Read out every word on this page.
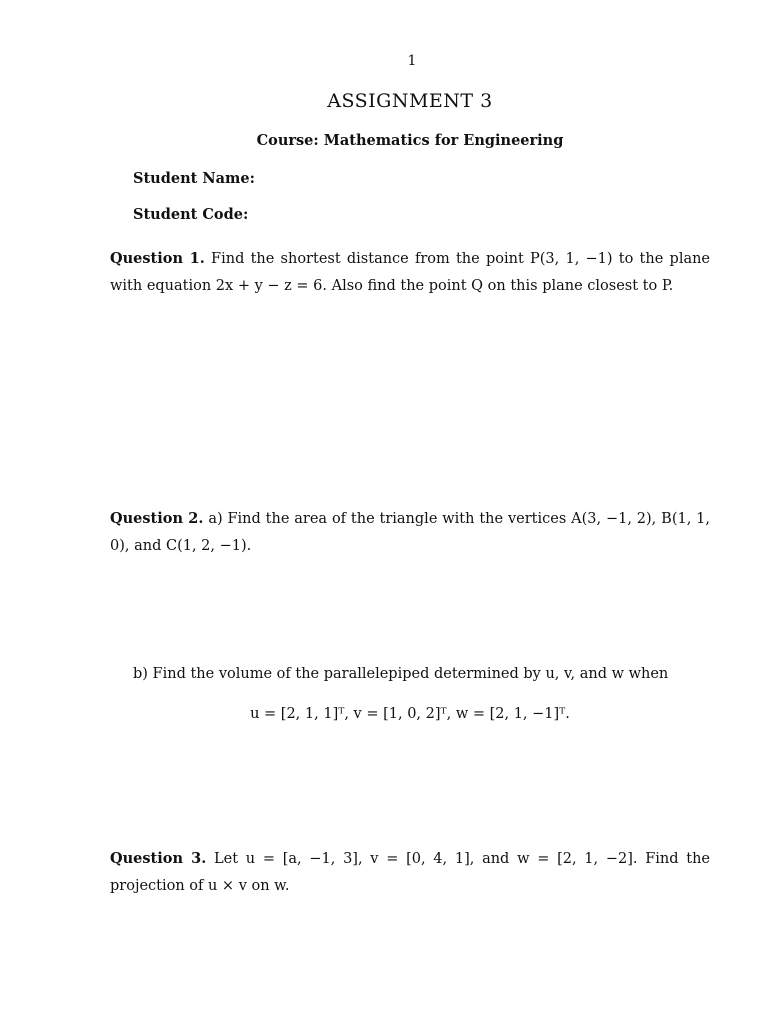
1
ASSIGNMENT 3
Course: Mathematics for Engineering
Student Name:
Student Code:
Question 1. Find the shortest distance from the point P(3, 1, −1) to the plane with equation 2x + y − z = 6. Also find the point Q on this plane closest to P.
Question 2. a) Find the area of the triangle with the vertices A(3, −1, 2), B(1, 1, 0), and C(1, 2, −1).
b) Find the volume of the parallelepiped determined by u, v, and w when
u = [2, 1, 1]ᵀ, v = [1, 0, 2]ᵀ, w = [2, 1, −1]ᵀ.
Question 3. Let u = [a, −1, 3], v = [0, 4, 1], and w = [2, 1, −2]. Find the projection of u × v on w.
